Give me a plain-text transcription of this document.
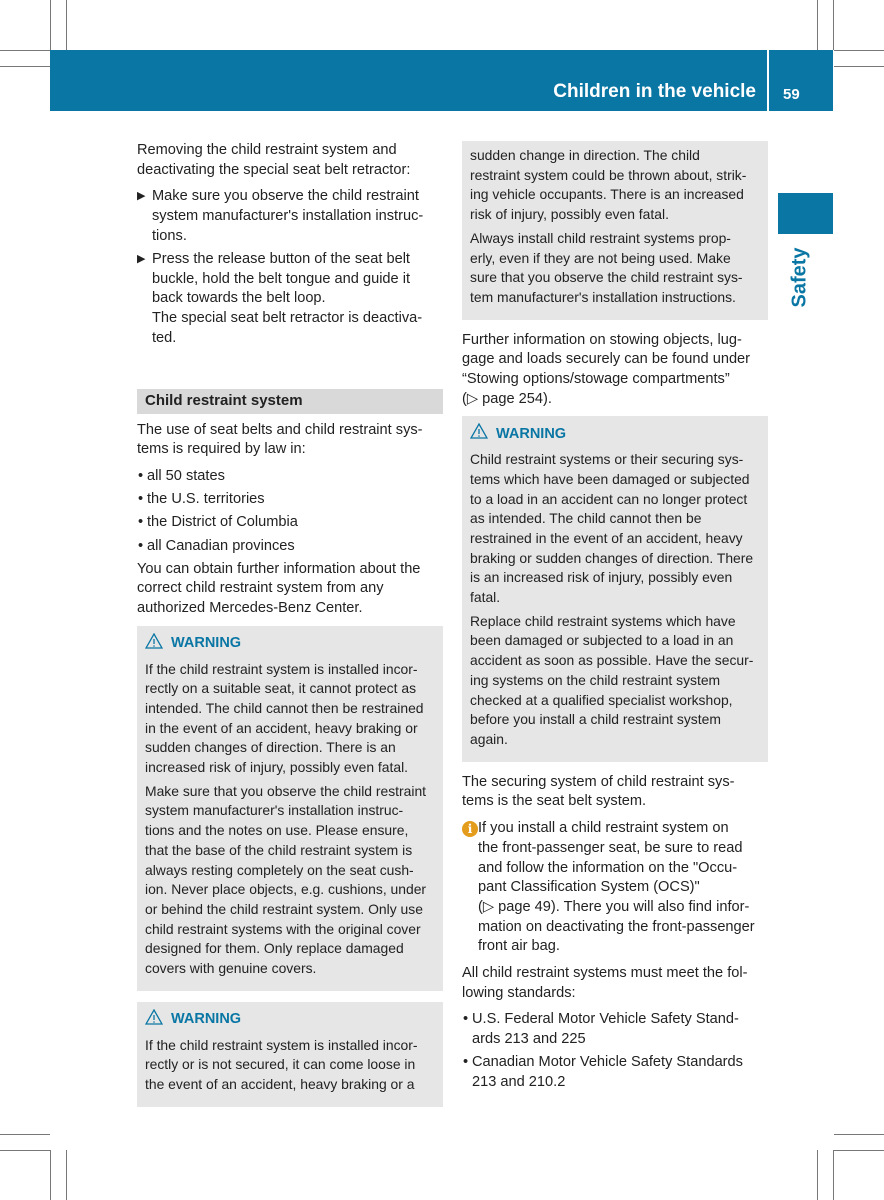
Children in the vehicle 59
Safety
Removing the child restraint system and
deactivating the special seat belt retractor:
▶ Make sure you observe the child restraint
system manufacturer's installation instruc-
tions.
▶ Press the release button of the seat belt
buckle, hold the belt tongue and guide it
back towards the belt loop.
The special seat belt retractor is deactiva-
ted.
Child restraint system
The use of seat belts and child restraint sys-
tems is required by law in:
• all 50 states
• the U.S. territories
• the District of Columbia
• all Canadian provinces
You can obtain further information about the
correct child restraint system from any
authorized Mercedes-Benz Center.
WARNING
If the child restraint system is installed incor-
rectly on a suitable seat, it cannot protect as
intended. The child cannot then be restrained
in the event of an accident, heavy braking or
sudden changes of direction. There is an
increased risk of injury, possibly even fatal.
Make sure that you observe the child restraint
system manufacturer's installation instruc-
tions and the notes on use. Please ensure,
that the base of the child restraint system is
always resting completely on the seat cush-
ion. Never place objects, e.g. cushions, under
or behind the child restraint system. Only use
child restraint systems with the original cover
designed for them. Only replace damaged
covers with genuine covers.
WARNING
If the child restraint system is installed incor-
rectly or is not secured, it can come loose in
the event of an accident, heavy braking or a
sudden change in direction. The child
restraint system could be thrown about, strik-
ing vehicle occupants. There is an increased
risk of injury, possibly even fatal.
Always install child restraint systems prop-
erly, even if they are not being used. Make
sure that you observe the child restraint sys-
tem manufacturer's installation instructions.
Further information on stowing objects, lug-
gage and loads securely can be found under
“Stowing options/stowage compartments”
(▷ page 254).
WARNING
Child restraint systems or their securing sys-
tems which have been damaged or subjected
to a load in an accident can no longer protect
as intended. The child cannot then be
restrained in the event of an accident, heavy
braking or sudden changes of direction. There
is an increased risk of injury, possibly even
fatal.
Replace child restraint systems which have
been damaged or subjected to a load in an
accident as soon as possible. Have the secur-
ing systems on the child restraint system
checked at a qualified specialist workshop,
before you install a child restraint system
again.
The securing system of child restraint sys-
tems is the seat belt system.
i If you install a child restraint system on
the front-passenger seat, be sure to read
and follow the information on the "Occu-
pant Classification System (OCS)"
(▷ page 49). There you will also find infor-
mation on deactivating the front-passenger
front air bag.
All child restraint systems must meet the fol-
lowing standards:
• U.S. Federal Motor Vehicle Safety Stand-
ards 213 and 225
• Canadian Motor Vehicle Safety Standards
213 and 210.2
